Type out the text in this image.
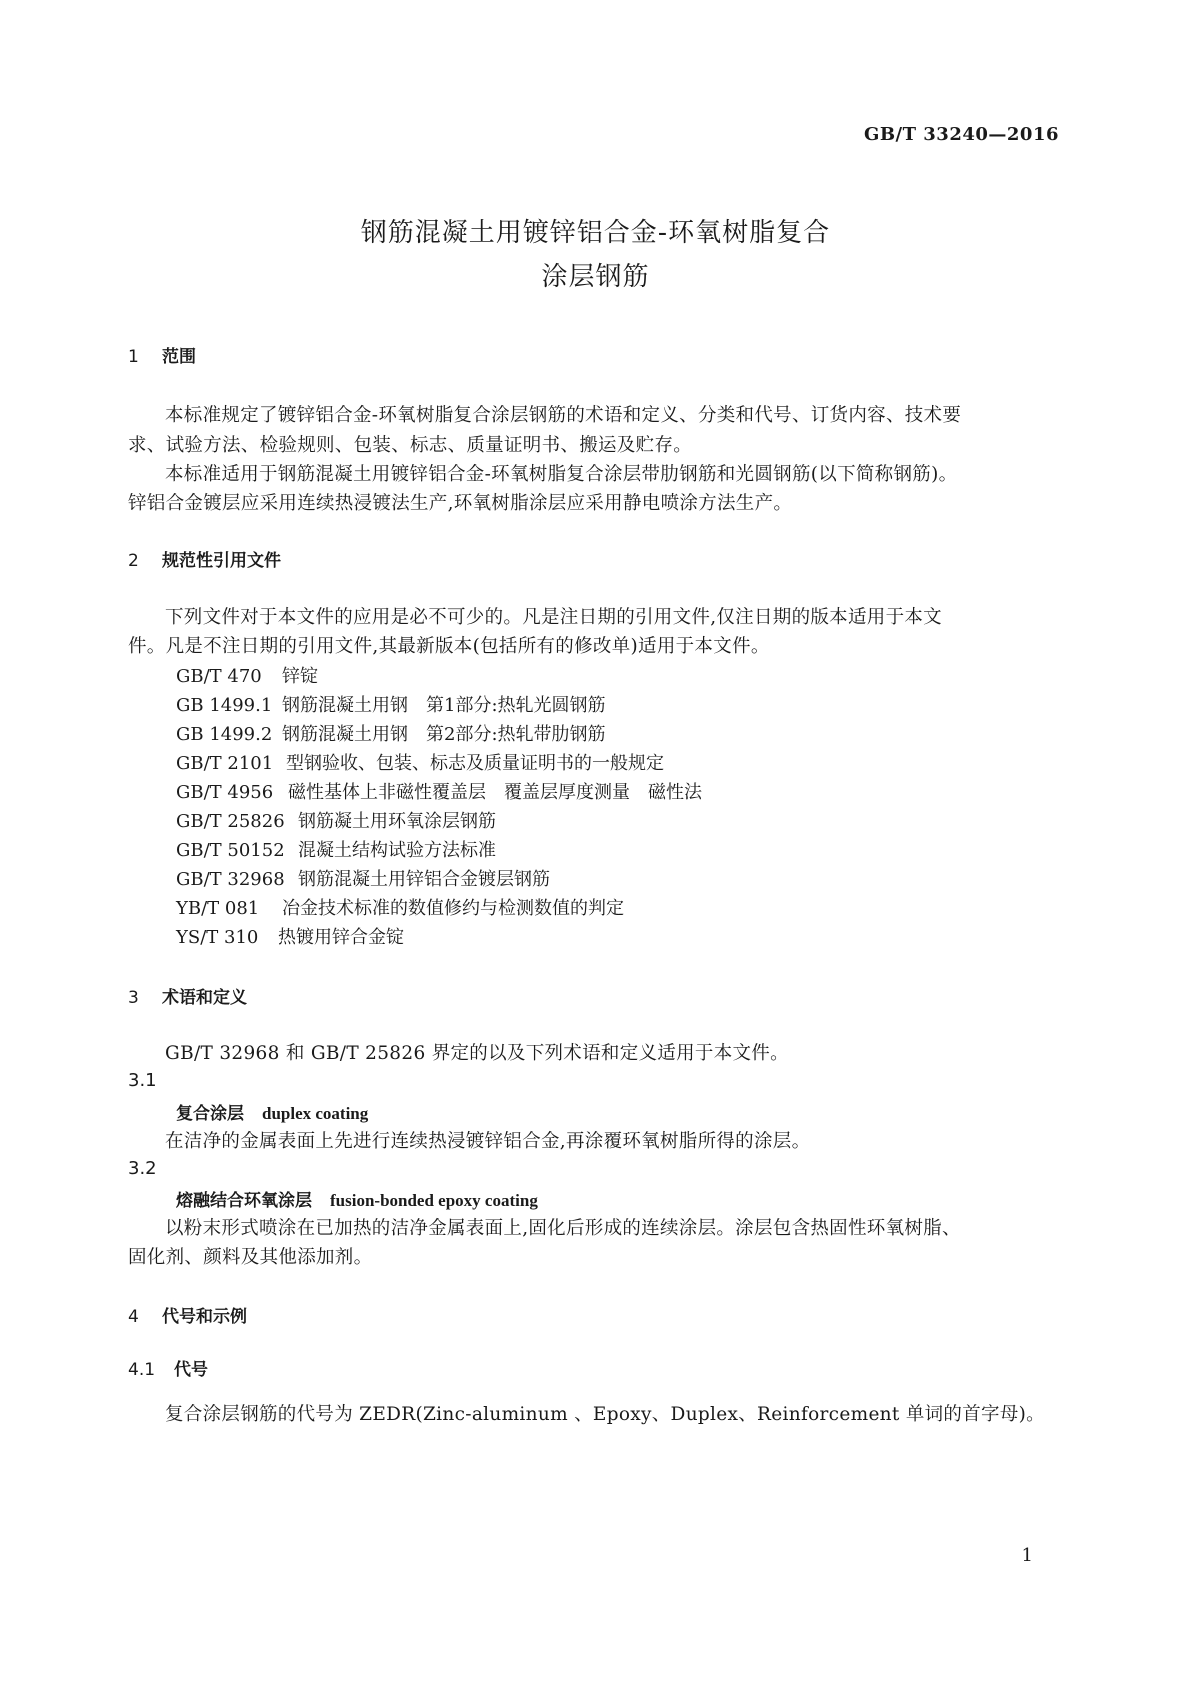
GB/T 33240—2016
钢筋混凝土用镀锌铝合金-环氧树脂复合
涂层钢筋
1 范围
本标准规定了镀锌铝合金-环氧树脂复合涂层钢筋的术语和定义、分类和代号、订货内容、技术要
求、试验方法、检验规则、包装、标志、质量证明书、搬运及贮存。
本标准适用于钢筋混凝土用镀锌铝合金-环氧树脂复合涂层带肋钢筋和光圆钢筋(以下简称钢筋)。
锌铝合金镀层应采用连续热浸镀法生产,环氧树脂涂层应采用静电喷涂方法生产。
2 规范性引用文件
下列文件对于本文件的应用是必不可少的。凡是注日期的引用文件,仅注日期的版本适用于本文
件。凡是不注日期的引用文件,其最新版本(包括所有的修改单)适用于本文件。
GB/T 470 锌锭
GB 1499.1 钢筋混凝土用钢　第1部分:热轧光圆钢筋
GB 1499.2 钢筋混凝土用钢　第2部分:热轧带肋钢筋
GB/T 2101 型钢验收、包装、标志及质量证明书的一般规定
GB/T 4956 磁性基体上非磁性覆盖层　覆盖层厚度测量　磁性法
GB/T 25826 钢筋凝土用环氧涂层钢筋
GB/T 50152 混凝土结构试验方法标准
GB/T 32968 钢筋混凝土用锌铝合金镀层钢筋
YB/T 081 冶金技术标准的数值修约与检测数值的判定
YS/T 310 热镀用锌合金锭
3 术语和定义
GB/T 32968 和 GB/T 25826 界定的以及下列术语和定义适用于本文件。
3.1
复合涂层 duplex coating
在洁净的金属表面上先进行连续热浸镀锌铝合金,再涂覆环氧树脂所得的涂层。
3.2
熔融结合环氧涂层 fusion-bonded epoxy coating
以粉末形式喷涂在已加热的洁净金属表面上,固化后形成的连续涂层。涂层包含热固性环氧树脂、
固化剂、颜料及其他添加剂。
4 代号和示例
4.1 代号
复合涂层钢筋的代号为 ZEDR(Zinc-aluminum 、Epoxy、Duplex、Reinforcement 单词的首字母)。
1
